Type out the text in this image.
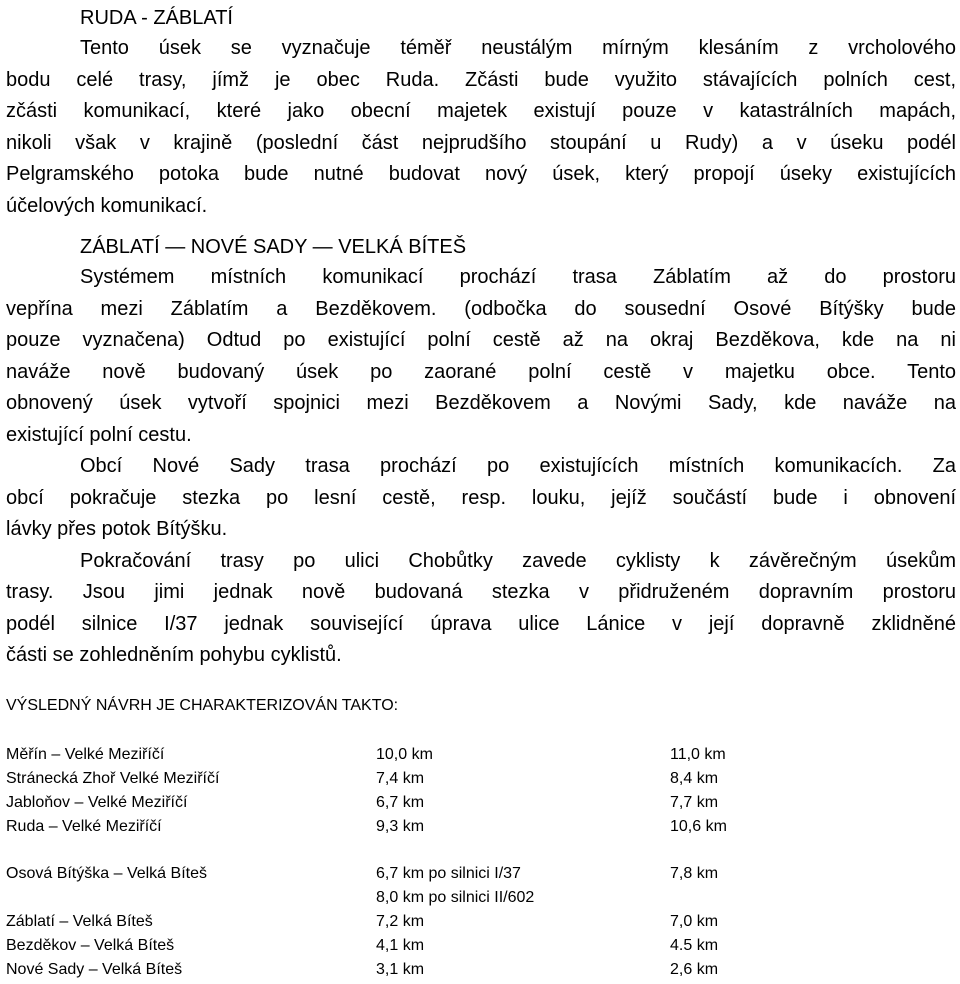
RUDA - ZÁBLATÍ
Tento úsek se vyznačuje téměř neustálým mírným klesáním z vrcholového
bodu celé trasy, jímž je obec Ruda. Zčásti bude využito stávajících polních cest,
zčásti komunikací, které jako obecní majetek existují pouze v katastrálních mapách,
nikoli však v krajině (poslední část nejprudšího stoupání u Rudy) a v úseku podél
Pelgramského potoka bude nutné budovat nový úsek, který propojí úseky existujících
účelových komunikací.
ZÁBLATÍ — NOVÉ SADY — VELKÁ BÍTEŠ
Systémem místních komunikací prochází trasa Záblatím až do prostoru
vepřína mezi Záblatím a Bezděkovem. (odbočka do sousední Osové Bítýšky bude
pouze vyznačena) Odtud po existující polní cestě až na okraj Bezděkova, kde na ni
naváže nově budovaný úsek po zaorané polní cestě v majetku obce. Tento
obnovený úsek vytvoří spojnici mezi Bezděkovem a Novými Sady, kde naváže na
existující polní cestu.
Obcí Nové Sady trasa prochází po existujících místních komunikacích. Za
obcí pokračuje stezka po lesní cestě, resp. louku, jejíž součástí bude i obnovení
lávky přes potok Bítýšku.
Pokračování trasy po ulici Chobůtky zavede cyklisty k závěrečným úsekům
trasy. Jsou jimi jednak nově budovaná stezka v přidruženém dopravním prostoru
podél silnice I/37 jednak související úprava ulice Lánice v její dopravně zklidněné
části se zohledněním pohybu cyklistů.
VÝSLEDNÝ NÁVRH JE CHARAKTERIZOVÁN TAKTO:
Měřín – Velké Meziříčí	10,0 km	11,0 km
Stránecká Zhoř Velké Meziříčí	7,4 km	8,4 km
Jabloňov – Velké Meziříčí	6,7 km	7,7 km
Ruda – Velké Meziříčí	9,3 km	10,6 km
Osová Bítýška – Velká Bíteš	6,7 km po silnici I/37	7,8 km
8,0 km po silnici II/602
Záblatí – Velká Bíteš	7,2 km	7,0 km
Bezděkov – Velká Bíteš	4,1 km	4.5 km
Nové Sady – Velká Bíteš	3,1 km	2,6 km
